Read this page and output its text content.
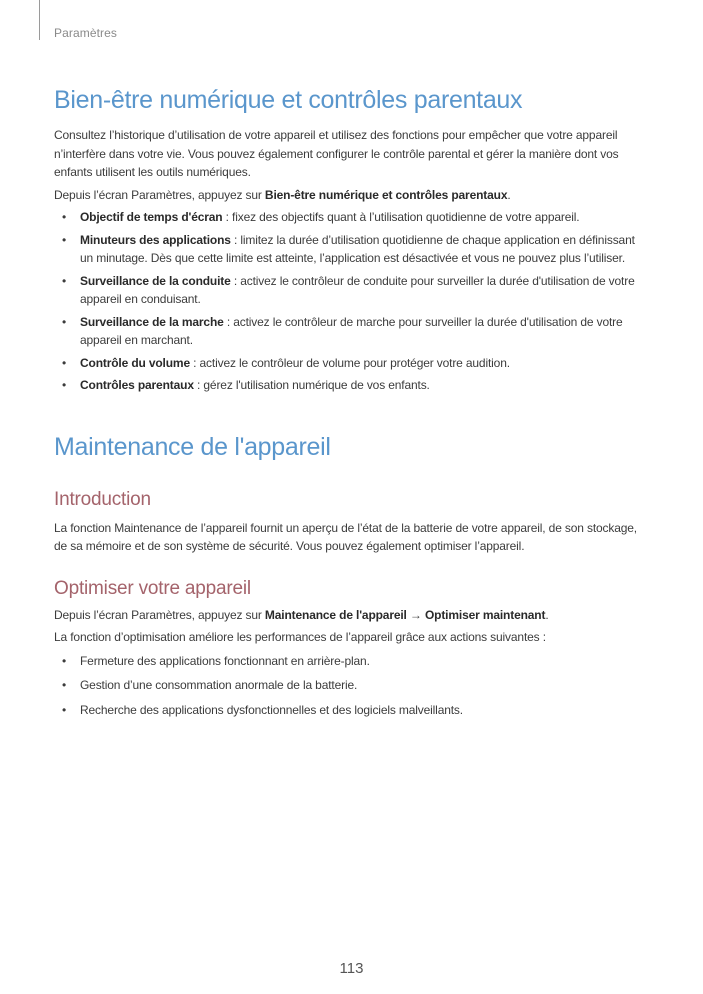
Paramètres
Bien-être numérique et contrôles parentaux

Consultez l’historique d’utilisation de votre appareil et utilisez des fonctions pour empêcher que votre appareil n’interfère dans votre vie. Vous pouvez également configurer le contrôle parental et gérer la manière dont vos enfants utilisent les outils numériques.

Depuis l’écran Paramètres, appuyez sur Bien-être numérique et contrôles parentaux.

• Objectif de temps d'écran : fixez des objectifs quant à l’utilisation quotidienne de votre appareil.
• Minuteurs des applications : limitez la durée d’utilisation quotidienne de chaque application en définissant un minutage. Dès que cette limite est atteinte, l’application est désactivée et vous ne pouvez plus l’utiliser.
• Surveillance de la conduite : activez le contrôleur de conduite pour surveiller la durée d'utilisation de votre appareil en conduisant.
• Surveillance de la marche : activez le contrôleur de marche pour surveiller la durée d'utilisation de votre appareil en marchant.
• Contrôle du volume : activez le contrôleur de volume pour protéger votre audition.
• Contrôles parentaux : gérez l'utilisation numérique de vos enfants.
Maintenance de l'appareil
Introduction

La fonction Maintenance de l’appareil fournit un aperçu de l’état de la batterie de votre appareil, de son stockage, de sa mémoire et de son système de sécurité. Vous pouvez également optimiser l’appareil.

Optimiser votre appareil

Depuis l’écran Paramètres, appuyez sur Maintenance de l'appareil → Optimiser maintenant.

La fonction d’optimisation améliore les performances de l’appareil grâce aux actions suivantes :

• Fermeture des applications fonctionnant en arrière-plan.
• Gestion d’une consommation anormale de la batterie.
• Recherche des applications dysfonctionnelles et des logiciels malveillants.
113
